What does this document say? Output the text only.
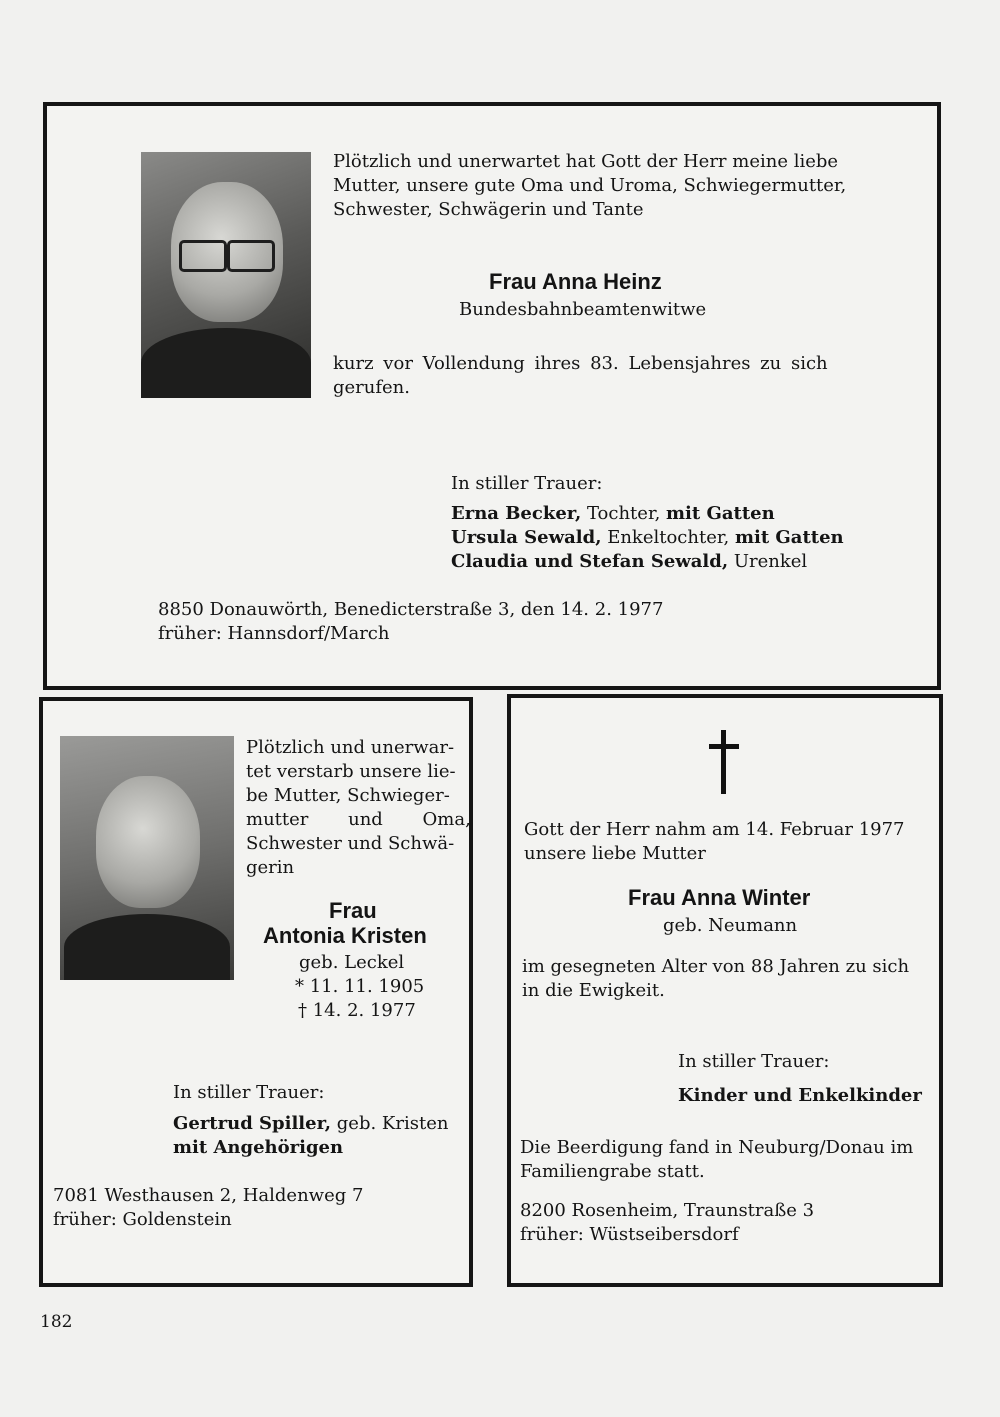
Plötzlich und unerwartet hat Gott der Herr meine liebe
Mutter, unsere gute Oma und Uroma, Schwiegermutter,
Schwester, Schwägerin und Tante
Frau Anna Heinz
Bundesbahnbeamtenwitwe
kurz vor Vollendung ihres 83. Lebensjahres zu sich
gerufen.
In stiller Trauer:
Erna Becker, Tochter, mit Gatten
Ursula Sewald, Enkeltochter, mit Gatten
Claudia und Stefan Sewald, Urenkel
8850 Donauwörth, Benedicterstraße 3, den 14. 2. 1977
früher: Hannsdorf/March
Plötzlich und unerwar-
tet verstarb unsere lie-
be Mutter, Schwieger-
mutter und Oma,
Schwester und Schwä-
gerin
Frau
Antonia Kristen
geb. Leckel
* 11. 11. 1905
† 14. 2. 1977
In stiller Trauer:
Gertrud Spiller, geb. Kristen
mit Angehörigen
7081 Westhausen 2, Haldenweg 7
früher: Goldenstein
Gott der Herr nahm am 14. Februar 1977
unsere liebe Mutter
Frau Anna Winter
geb. Neumann
im gesegneten Alter von 88 Jahren zu sich
in die Ewigkeit.
In stiller Trauer:
Kinder und Enkelkinder
Die Beerdigung fand in Neuburg/Donau im
Familiengrabe statt.
8200 Rosenheim, Traunstraße 3
früher: Wüstseibersdorf
182
